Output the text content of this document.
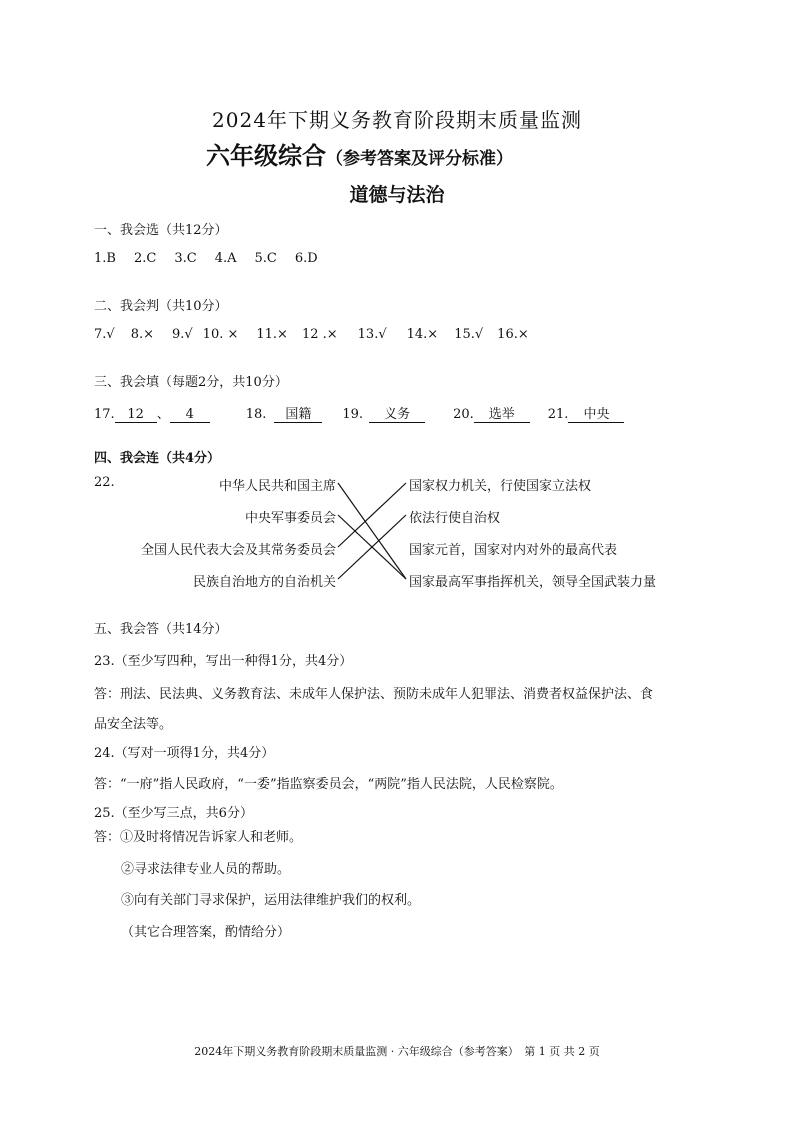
2024年下期义务教育阶段期末质量监测
六年级综合（参考答案及评分标准）
道德与法治
一、我会选（共12分）
1.B 2.C 3.C 4.A 5.C 6.D
二、我会判（共10分）
7.√ 8.× 9.√ 10. × 11.× 12 .× 13.√ 14.× 15.√ 16.×
三、我会填（每题2分，共10分）
17. 12 、 4	18. 国籍 19. 义务	20. 选举	21. 中央
四、我会连（共4分）
22.	中华人民共和国主席
中央军事委员会
全国人民代表大会及其常务委员会
民族自治地方的自治机关
国家权力机关，行使国家立法权
依法行使自治权
国家元首，国家对内对外的最高代表
国家最高军事指挥机关，领导全国武装力量
五、我会答（共14分）
23.（至少写四种，写出一种得1分，共4分）
答：刑法、民法典、义务教育法、未成年人保护法、预防未成年人犯罪法、消费者权益保护法、食
品安全法等。
24.（写对一项得1分，共4分）
答：“一府”指人民政府，“一委”指监察委员会，“两院”指人民法院，人民检察院。
25.（至少写三点，共6分）
答：①及时将情况告诉家人和老师。
②寻求法律专业人员的帮助。
③向有关部门寻求保护，运用法律维护我们的权利。
（其它合理答案，酌情给分）
2024年下期义务教育阶段期末质量监测 · 六年级综合（参考答案）　第 1 页 共 2 页
